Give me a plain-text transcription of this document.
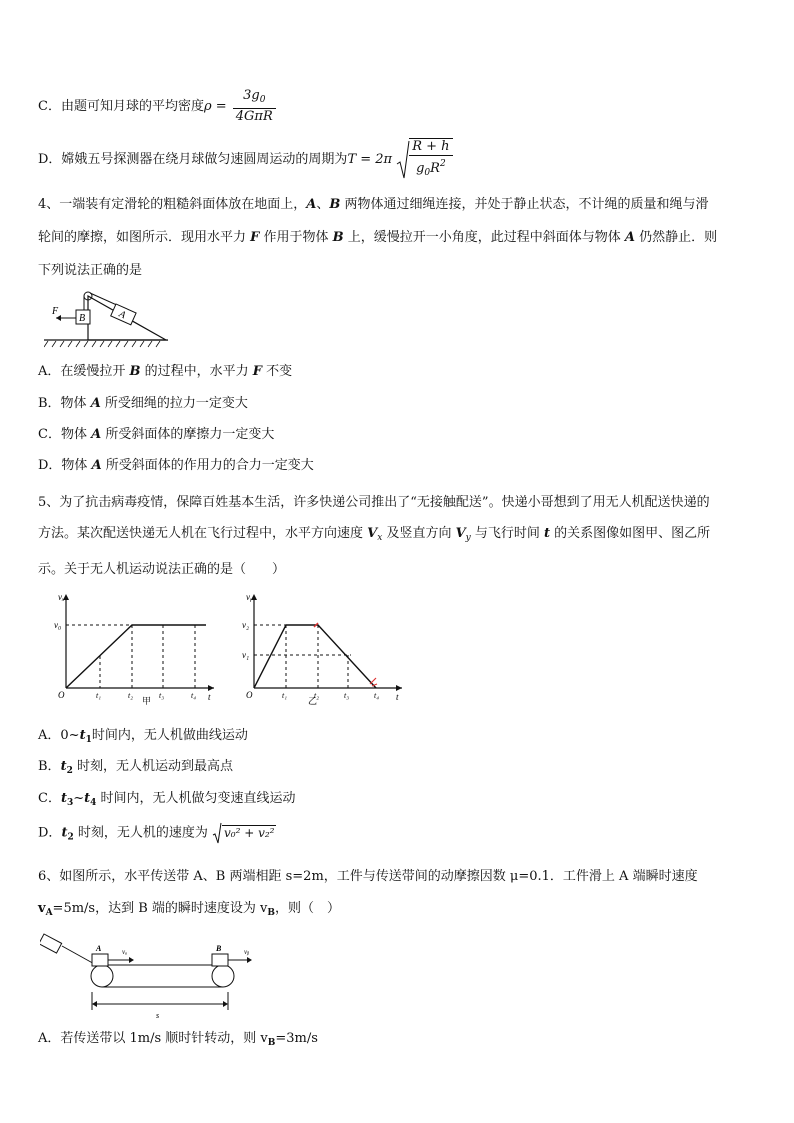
C．由题可知月球的平均密度$\rho = \frac{3g_0}{\text{4GπR}}$
D．嫦娥五号探测器在绕月球做匀速圆周运动的周期为$T = 2\pi \frac{R + h}{g_0R^2}$
4、一端装有定滑轮的粗糙斜面体放在地面上，A、B 两物体通过细绳连接，并处于静止状态，不计绳的质量和绳与滑
轮间的摩擦，如图所示．现用水平力 F 作用于物体 B 上，缓慢拉开一小角度，此过程中斜面体与物体 A 仍然静止．则
下列说法正确的是
B
F	A
A．在缓慢拉开 B 的过程中，水平力 F 不变
B．物体 A 所受细绳的拉力一定变大
C．物体 A 所受斜面体的摩擦力一定变大
D．物体 A 所受斜面体的作用力的合力一定变大
5、为了抗击病毒疫情，保障百姓基本生活，许多快递公司推出了“无接触配送”。快递小哥想到了用无人机配送快递的
方法。某次配送快递无人机在飞行过程中，水平方向速度 $V_x$ 及竖直方向 $V_y$ 与飞行时间 t 的关系图像如图甲、图乙所
示。关于无人机运动说法正确的是（　　）
vₓ
t
O
v₀
t₁	t₂	t₃	t₄
甲
vᵧ
t
O
v₂
v₁
t₁	t₂	t₃	t₄
乙
A．$0\sim t_1$时间内，无人机做曲线运动
B．$t_2$ 时刻，无人机运动到最高点
C．$t_3\sim t_4$ 时间内，无人机做匀变速直线运动
D．$t_2$ 时刻，无人机的速度为 v₀² + v₂²
6、如图所示，水平传送带 A、B 两端相距 s=2m，工件与传送带间的动摩擦因数 μ=0.1．工件滑上 A 端瞬时速度
$v_A=5m/s$，达到 B 端的瞬时速度设为 $v_B$，则（　）
A	B
vₐ	vᵦ
s
A．若传送带以 1m/s 顺时针转动，则 $v_B=3m/s$
